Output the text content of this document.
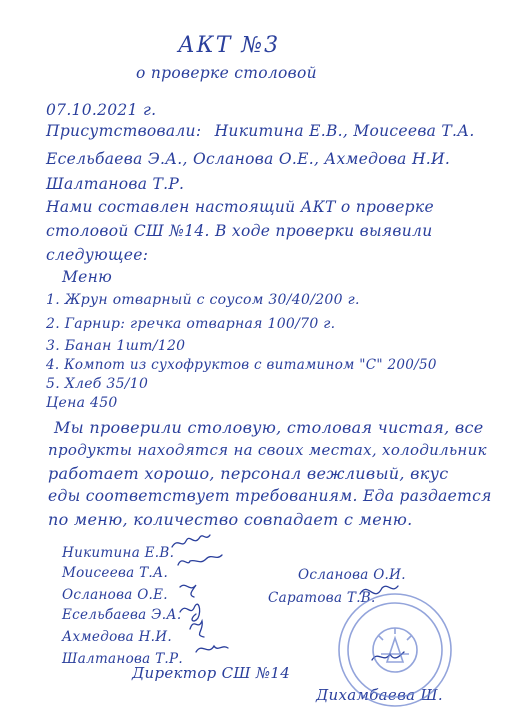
АКТ №3
о проверке столовой
07.10.2021 г.
Присутствовали: Никитина Е.В., Моисеева Т.А.
Есельбаева Э.А., Осланова О.Е., Ахмедова Н.И.
Шалтанова Т.Р.
Нами составлен настоящий АКТ о проверке
столовой СШ №14. В ходе проверки выявили
следующее:
Меню
1. Жрун отварный с соусом 30/40/200 г.
2. Гарнир: гречка отварная 100/70 г.
3. Банан 1шт/120
4. Компот из сухофруктов с витамином "С" 200/50
5. Хлеб 35/10
Цена 450
Мы проверили столовую, столовая чистая, все
продукты находятся на своих местах, холодильник
работает хорошо, персонал вежливый, вкус
еды соответствует требованиям. Еда раздается
по меню, количество совпадает с меню.
Никитина Е.В.
Моисеева Т.А.
Осланова О.Е.
Есельбаева Э.А.
Ахмедова Н.И.
Шалтанова Т.Р.
Осланова О.И.
Саратова Т.В.
Директор СШ №14
Дихамбаева Ш.
